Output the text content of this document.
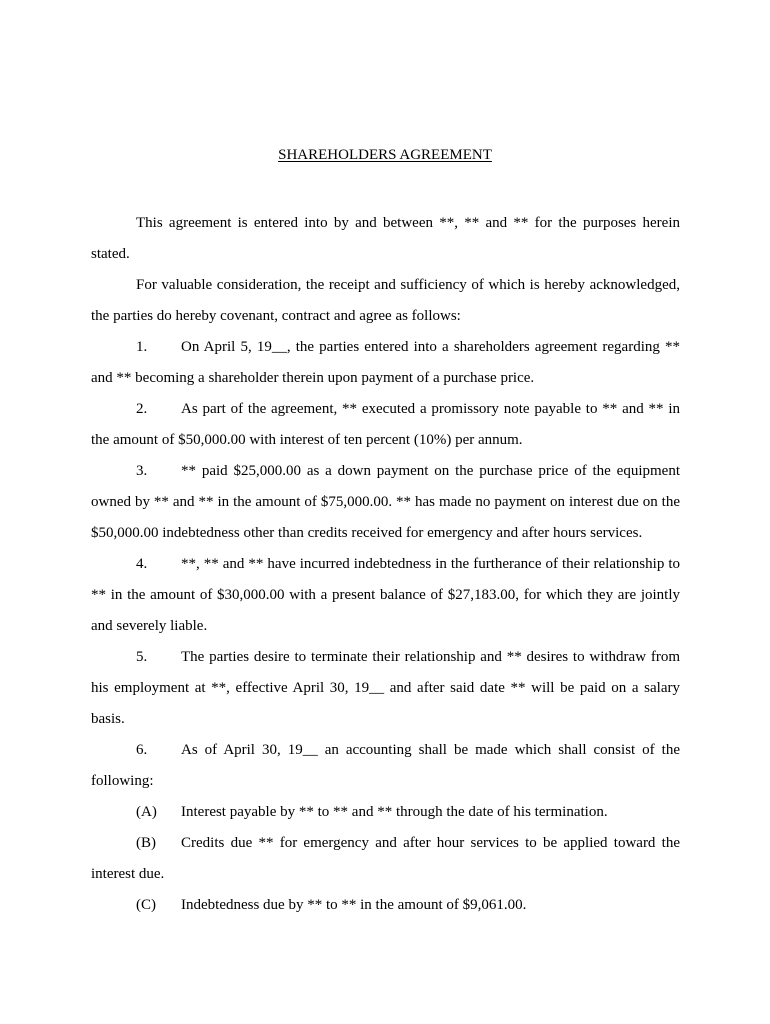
SHAREHOLDERS AGREEMENT

This agreement is entered into by and between **, ** and ** for the purposes herein stated.

For valuable consideration, the receipt and sufficiency of which is hereby acknowledged, the parties do hereby covenant, contract and agree as follows:

1. On April 5, 19__, the parties entered into a shareholders agreement regarding ** and ** becoming a shareholder therein upon payment of a purchase price.

2. As part of the agreement, ** executed a promissory note payable to ** and ** in the amount of $50,000.00 with interest of ten percent (10%) per annum.

3. ** paid $25,000.00 as a down payment on the purchase price of the equipment owned by ** and ** in the amount of $75,000.00. ** has made no payment on interest due on the $50,000.00 indebtedness other than credits received for emergency and after hours services.

4. **, ** and ** have incurred indebtedness in the furtherance of their relationship to ** in the amount of $30,000.00 with a present balance of $27,183.00, for which they are jointly and severely liable.

5. The parties desire to terminate their relationship and ** desires to withdraw from his employment at **, effective April 30, 19__ and after said date ** will be paid on a salary basis.

6. As of April 30, 19__ an accounting shall be made which shall consist of the following:

(A) Interest payable by ** to ** and ** through the date of his termination.

(B) Credits due ** for emergency and after hour services to be applied toward the interest due.

(C) Indebtedness due by ** to ** in the amount of $9,061.00.
